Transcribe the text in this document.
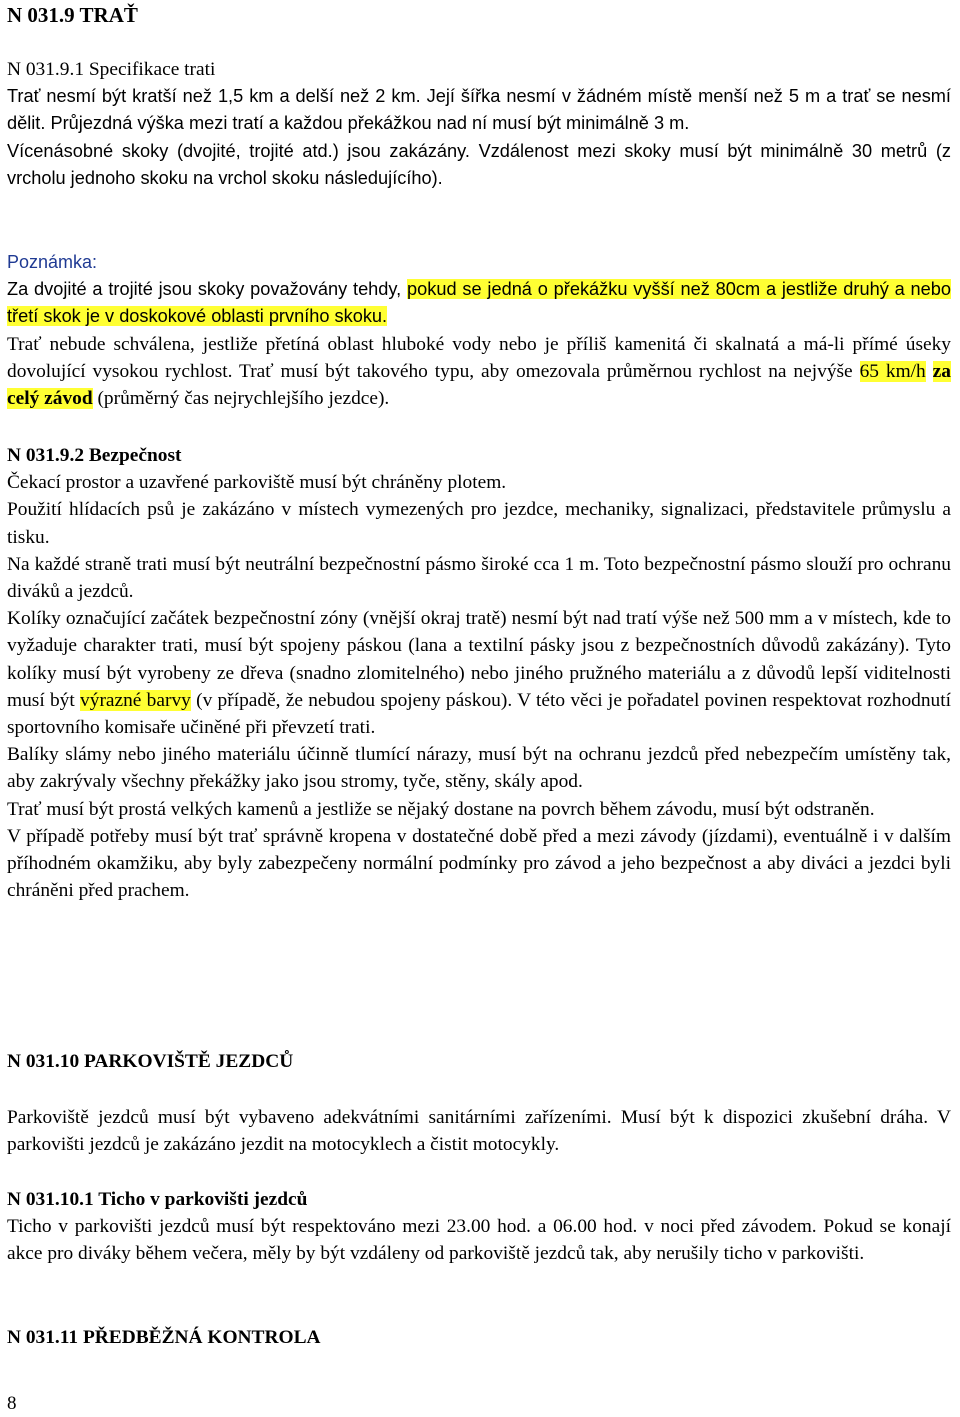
N 031.9 TRAŤ

N 031.9.1 Specifikace trati

Trať nesmí být kratší než 1,5 km a delší než 2 km. Její šířka nesmí v žádném místě menší než 5 m a trať se nesmí dělit. Průjezdná výška mezi tratí a každou překážkou nad ní musí být minimálně 3 m.

Vícenásobné skoky (dvojité, trojité atd.) jsou zakázány. Vzdálenost mezi skoky musí být minimálně 30 metrů (z vrcholu jednoho skoku na vrchol skoku následujícího).

Poznámka:

Za dvojité a trojité jsou skoky považovány tehdy, pokud se jedná o překážku vyšší než 80cm a jestliže druhý a nebo třetí skok je v doskokové oblasti prvního skoku.

Trať nebude schválena, jestliže přetíná oblast hluboké vody nebo je příliš kamenitá či skalnatá a má-li přímé úseky dovolující vysokou rychlost. Trať musí být takového typu, aby omezovala průměrnou rychlost na nejvýše 65 km/h za celý závod (průměrný čas nejrychlejšího jezdce).

N 031.9.2 Bezpečnost

Čekací prostor a uzavřené parkoviště musí být chráněny plotem.

Použití hlídacích psů je zakázáno v místech vymezených pro jezdce, mechaniky, signalizaci, představitele průmyslu a tisku.

Na každé straně trati musí být neutrální bezpečnostní pásmo široké cca 1 m. Toto bezpečnostní pásmo slouží pro ochranu diváků a jezdců.

Kolíky označující začátek bezpečnostní zóny (vnější okraj tratě) nesmí být nad tratí výše než 500 mm a v místech, kde to vyžaduje charakter trati, musí být spojeny páskou (lana a textilní pásky jsou z bezpečnostních důvodů zakázány). Tyto kolíky musí být vyrobeny ze dřeva (snadno zlomitelného) nebo jiného pružného materiálu a z důvodů lepší viditelnosti musí být výrazné barvy (v případě, že nebudou spojeny páskou). V této věci je pořadatel povinen respektovat rozhodnutí sportovního komisaře učiněné při převzetí trati.

Balíky slámy nebo jiného materiálu účinně tlumící nárazy, musí být na ochranu jezdců před nebezpečím umístěny tak, aby zakrývaly všechny překážky jako jsou stromy, tyče, stěny, skály apod.

Trať musí být prostá velkých kamenů a jestliže se nějaký dostane na povrch během závodu, musí být odstraněn.

V případě potřeby musí být trať správně kropena v dostatečné době před a mezi závody (jízdami), eventuálně i v dalším příhodném okamžiku, aby byly zabezpečeny normální podmínky pro závod a jeho bezpečnost a aby diváci a jezdci byli chráněni před prachem.

N 031.10 PARKOVIŠTĚ JEZDCŮ

Parkoviště jezdců musí být vybaveno adekvátními sanitárními zařízeními. Musí být k dispozici zkušební dráha. V parkovišti jezdců je zakázáno jezdit na motocyklech a čistit motocykly.

N 031.10.1 Ticho v parkovišti jezdců

Ticho v parkovišti jezdců musí být respektováno mezi 23.00 hod. a 06.00 hod. v noci před závodem. Pokud se konají akce pro diváky během večera, měly by být vzdáleny od parkoviště jezdců tak, aby nerušily ticho v parkovišti.

N 031.11 PŘEDBĚŽNÁ KONTROLA

8
